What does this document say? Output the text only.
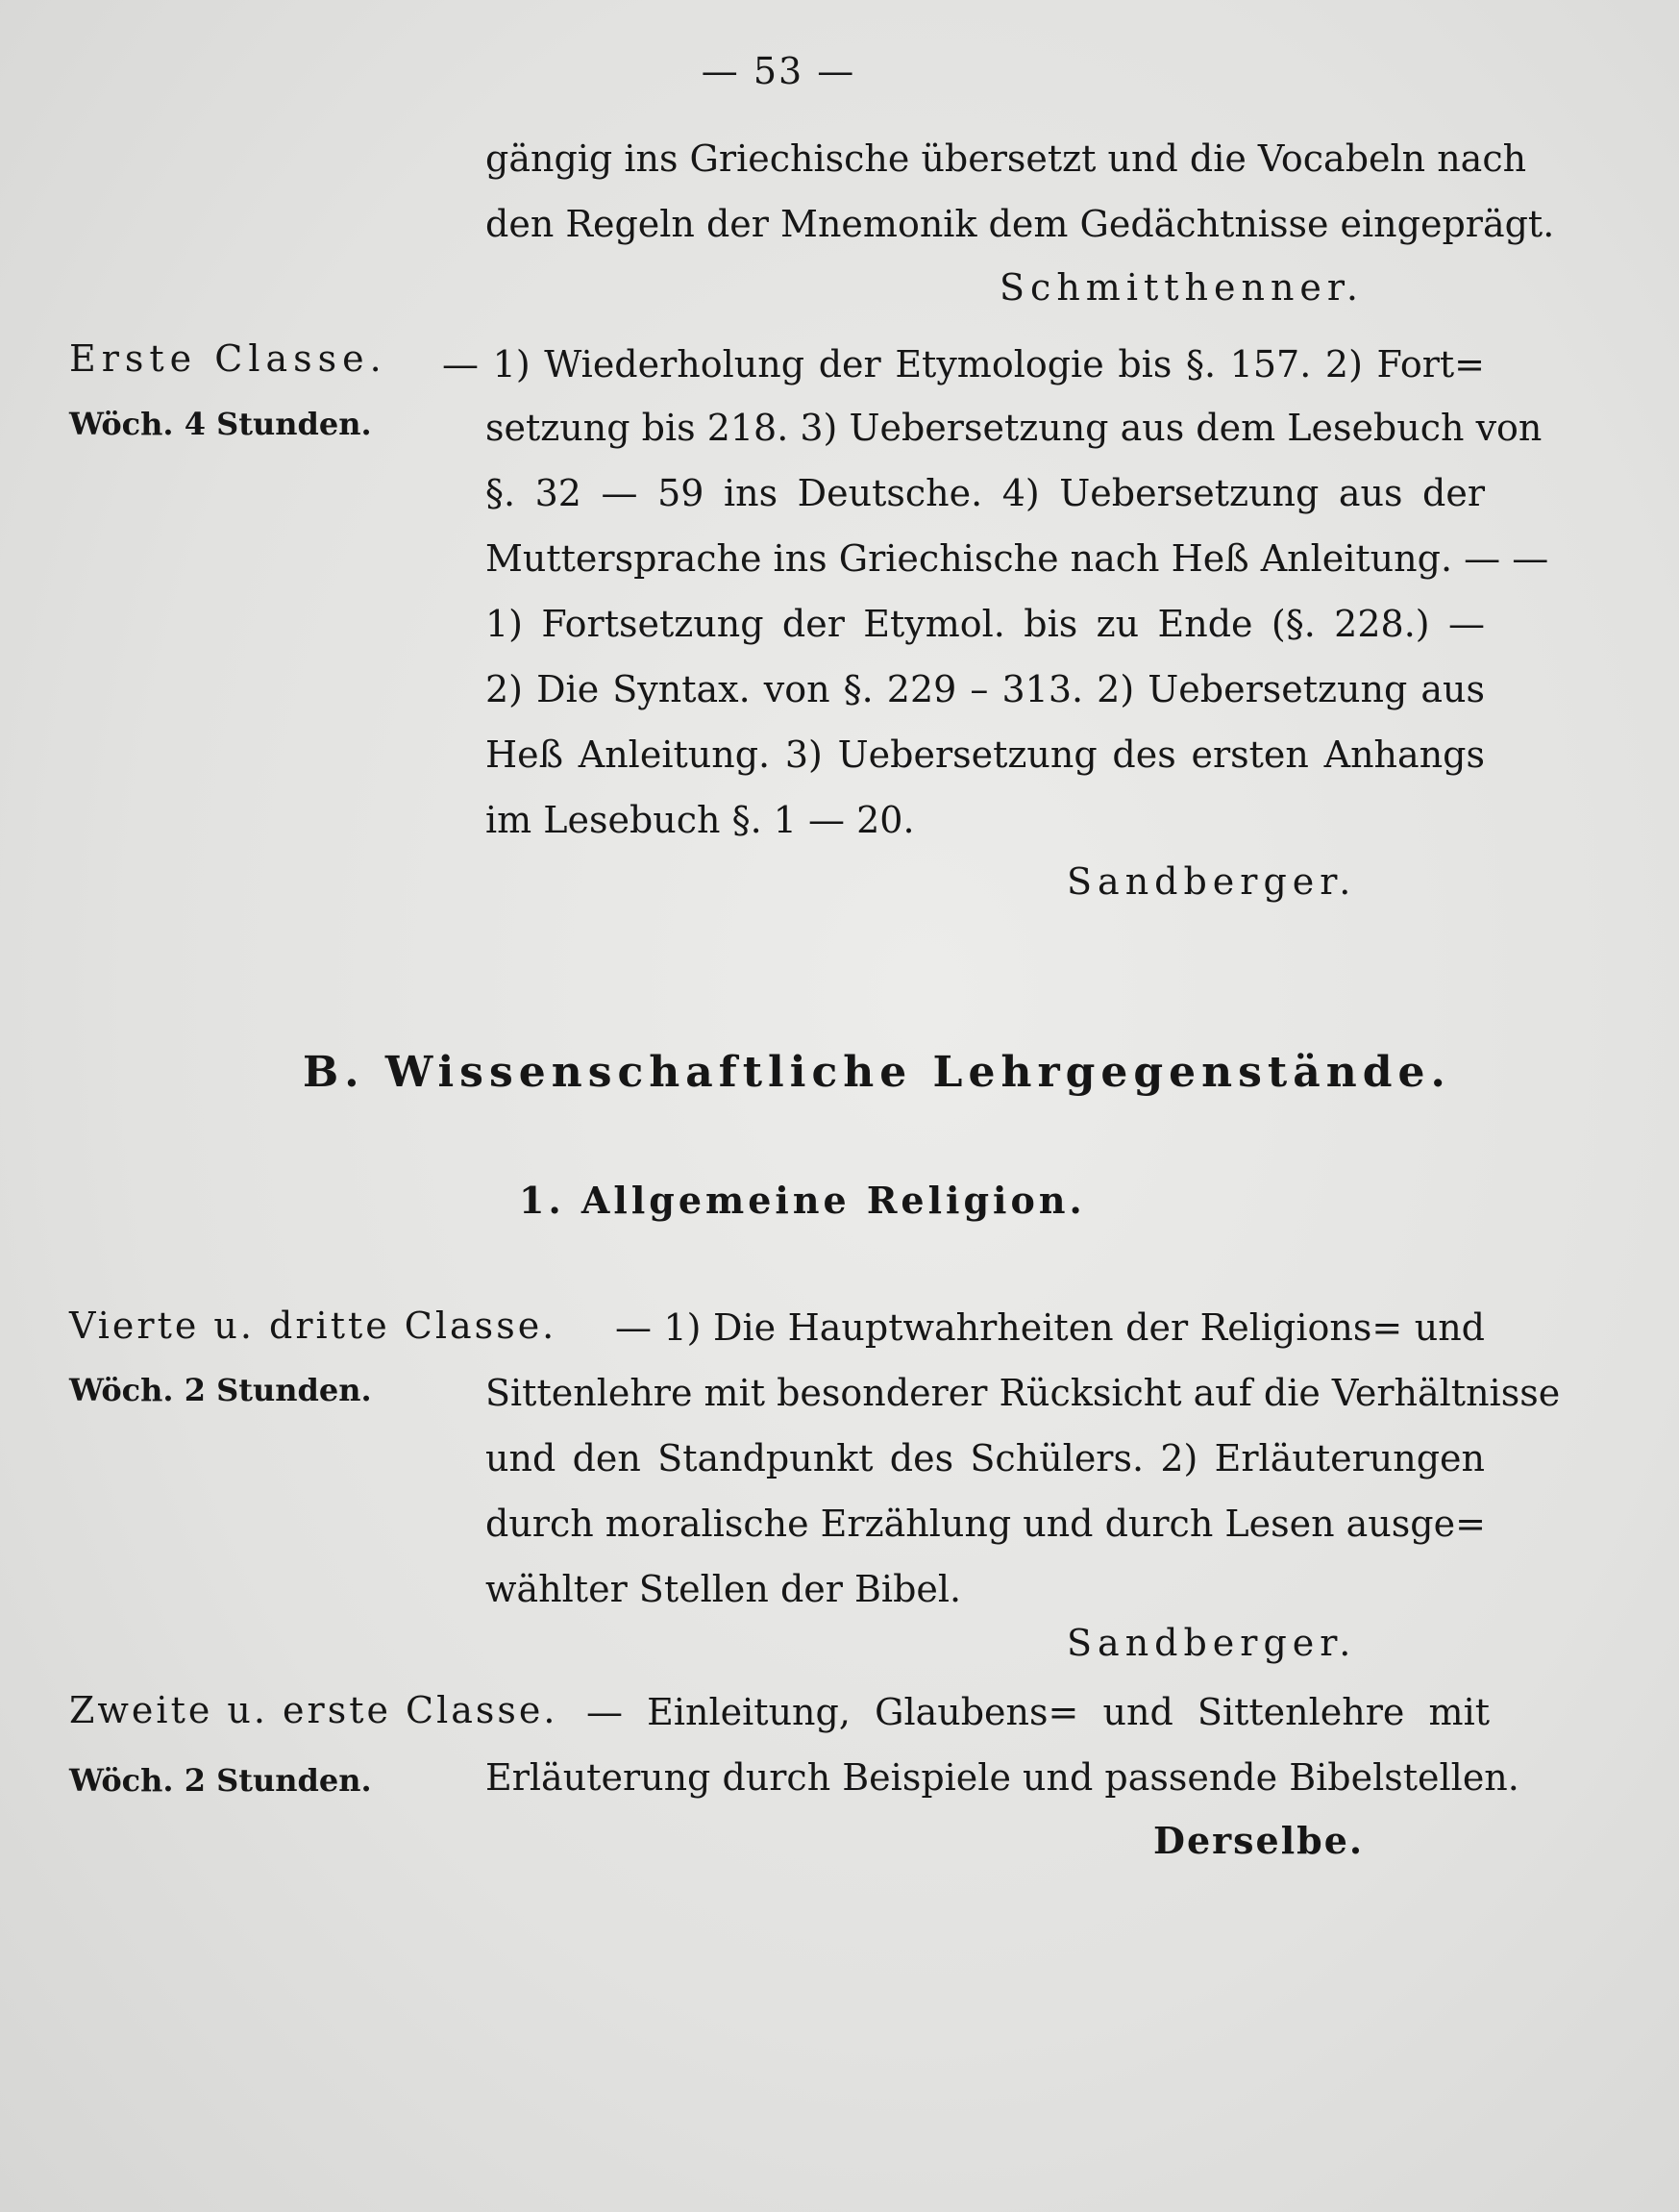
— 53 —
gängig ins Griechische übersetzt und die Vocabeln nach
den Regeln der Mnemonik dem Gedächtnisse eingeprägt.
Schmitthenner.
Erste Classe.
Wöch. 4 Stunden.
— 1) Wiederholung der Etymologie bis §. 157. 2) Fort=
setzung bis 218. 3) Uebersetzung aus dem Lesebuch von
§. 32 — 59 ins Deutsche. 4) Uebersetzung aus der
Muttersprache ins Griechische nach Heß Anleitung. — —
1) Fortsetzung der Etymol. bis zu Ende (§. 228.) —
2) Die Syntax. von §. 229 – 313. 2) Uebersetzung aus
Heß Anleitung. 3) Uebersetzung des ersten Anhangs
im Lesebuch §. 1 — 20.
Sandberger.
B. Wissenschaftliche Lehrgegenstände.
1. Allgemeine Religion.
Vierte u. dritte Classe.
Wöch. 2 Stunden.
— 1) Die Hauptwahrheiten der Religions= und
Sittenlehre mit besonderer Rücksicht auf die Verhältnisse
und den Standpunkt des Schülers. 2) Erläuterungen
durch moralische Erzählung und durch Lesen ausge=
wählter Stellen der Bibel.
Sandberger.
Zweite u. erste Classe.
Wöch. 2 Stunden.
— Einleitung, Glaubens= und Sittenlehre mit
Erläuterung durch Beispiele und passende Bibelstellen.
Derselbe.
